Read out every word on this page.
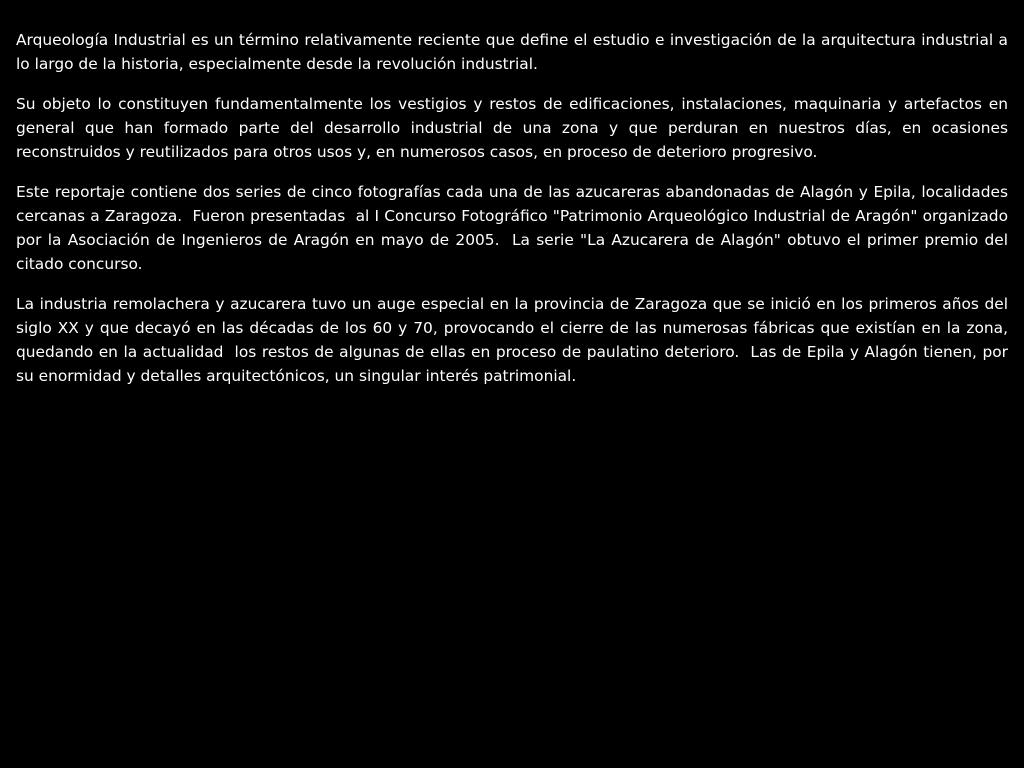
Arqueología Industrial es un término relativamente reciente que define el estudio e investigación de la arquitectura industrial a lo largo de la historia, especialmente desde la revolución industrial.

Su objeto lo constituyen fundamentalmente los vestigios y restos de edificaciones, instalaciones, maquinaria y artefactos en general que han formado parte del desarrollo industrial de una zona y que perduran en nuestros días, en ocasiones reconstruidos y reutilizados para otros usos y, en numerosos casos, en proceso de deterioro progresivo.

Este reportaje contiene dos series de cinco fotografías cada una de las azucareras abandonadas de Alagón y Epila, localidades cercanas a Zaragoza.  Fueron presentadas  al I Concurso Fotográfico "Patrimonio Arqueológico Industrial de Aragón" organizado por la Asociación de Ingenieros de Aragón en mayo de 2005.  La serie "La Azucarera de Alagón" obtuvo el primer premio del citado concurso.

La industria remolachera y azucarera tuvo un auge especial en la provincia de Zaragoza que se inició en los primeros años del siglo XX y que decayó en las décadas de los 60 y 70, provocando el cierre de las numerosas fábricas que existían en la zona, quedando en la actualidad  los restos de algunas de ellas en proceso de paulatino deterioro.  Las de Epila y Alagón tienen, por su enormidad y detalles arquitectónicos, un singular interés patrimonial.
